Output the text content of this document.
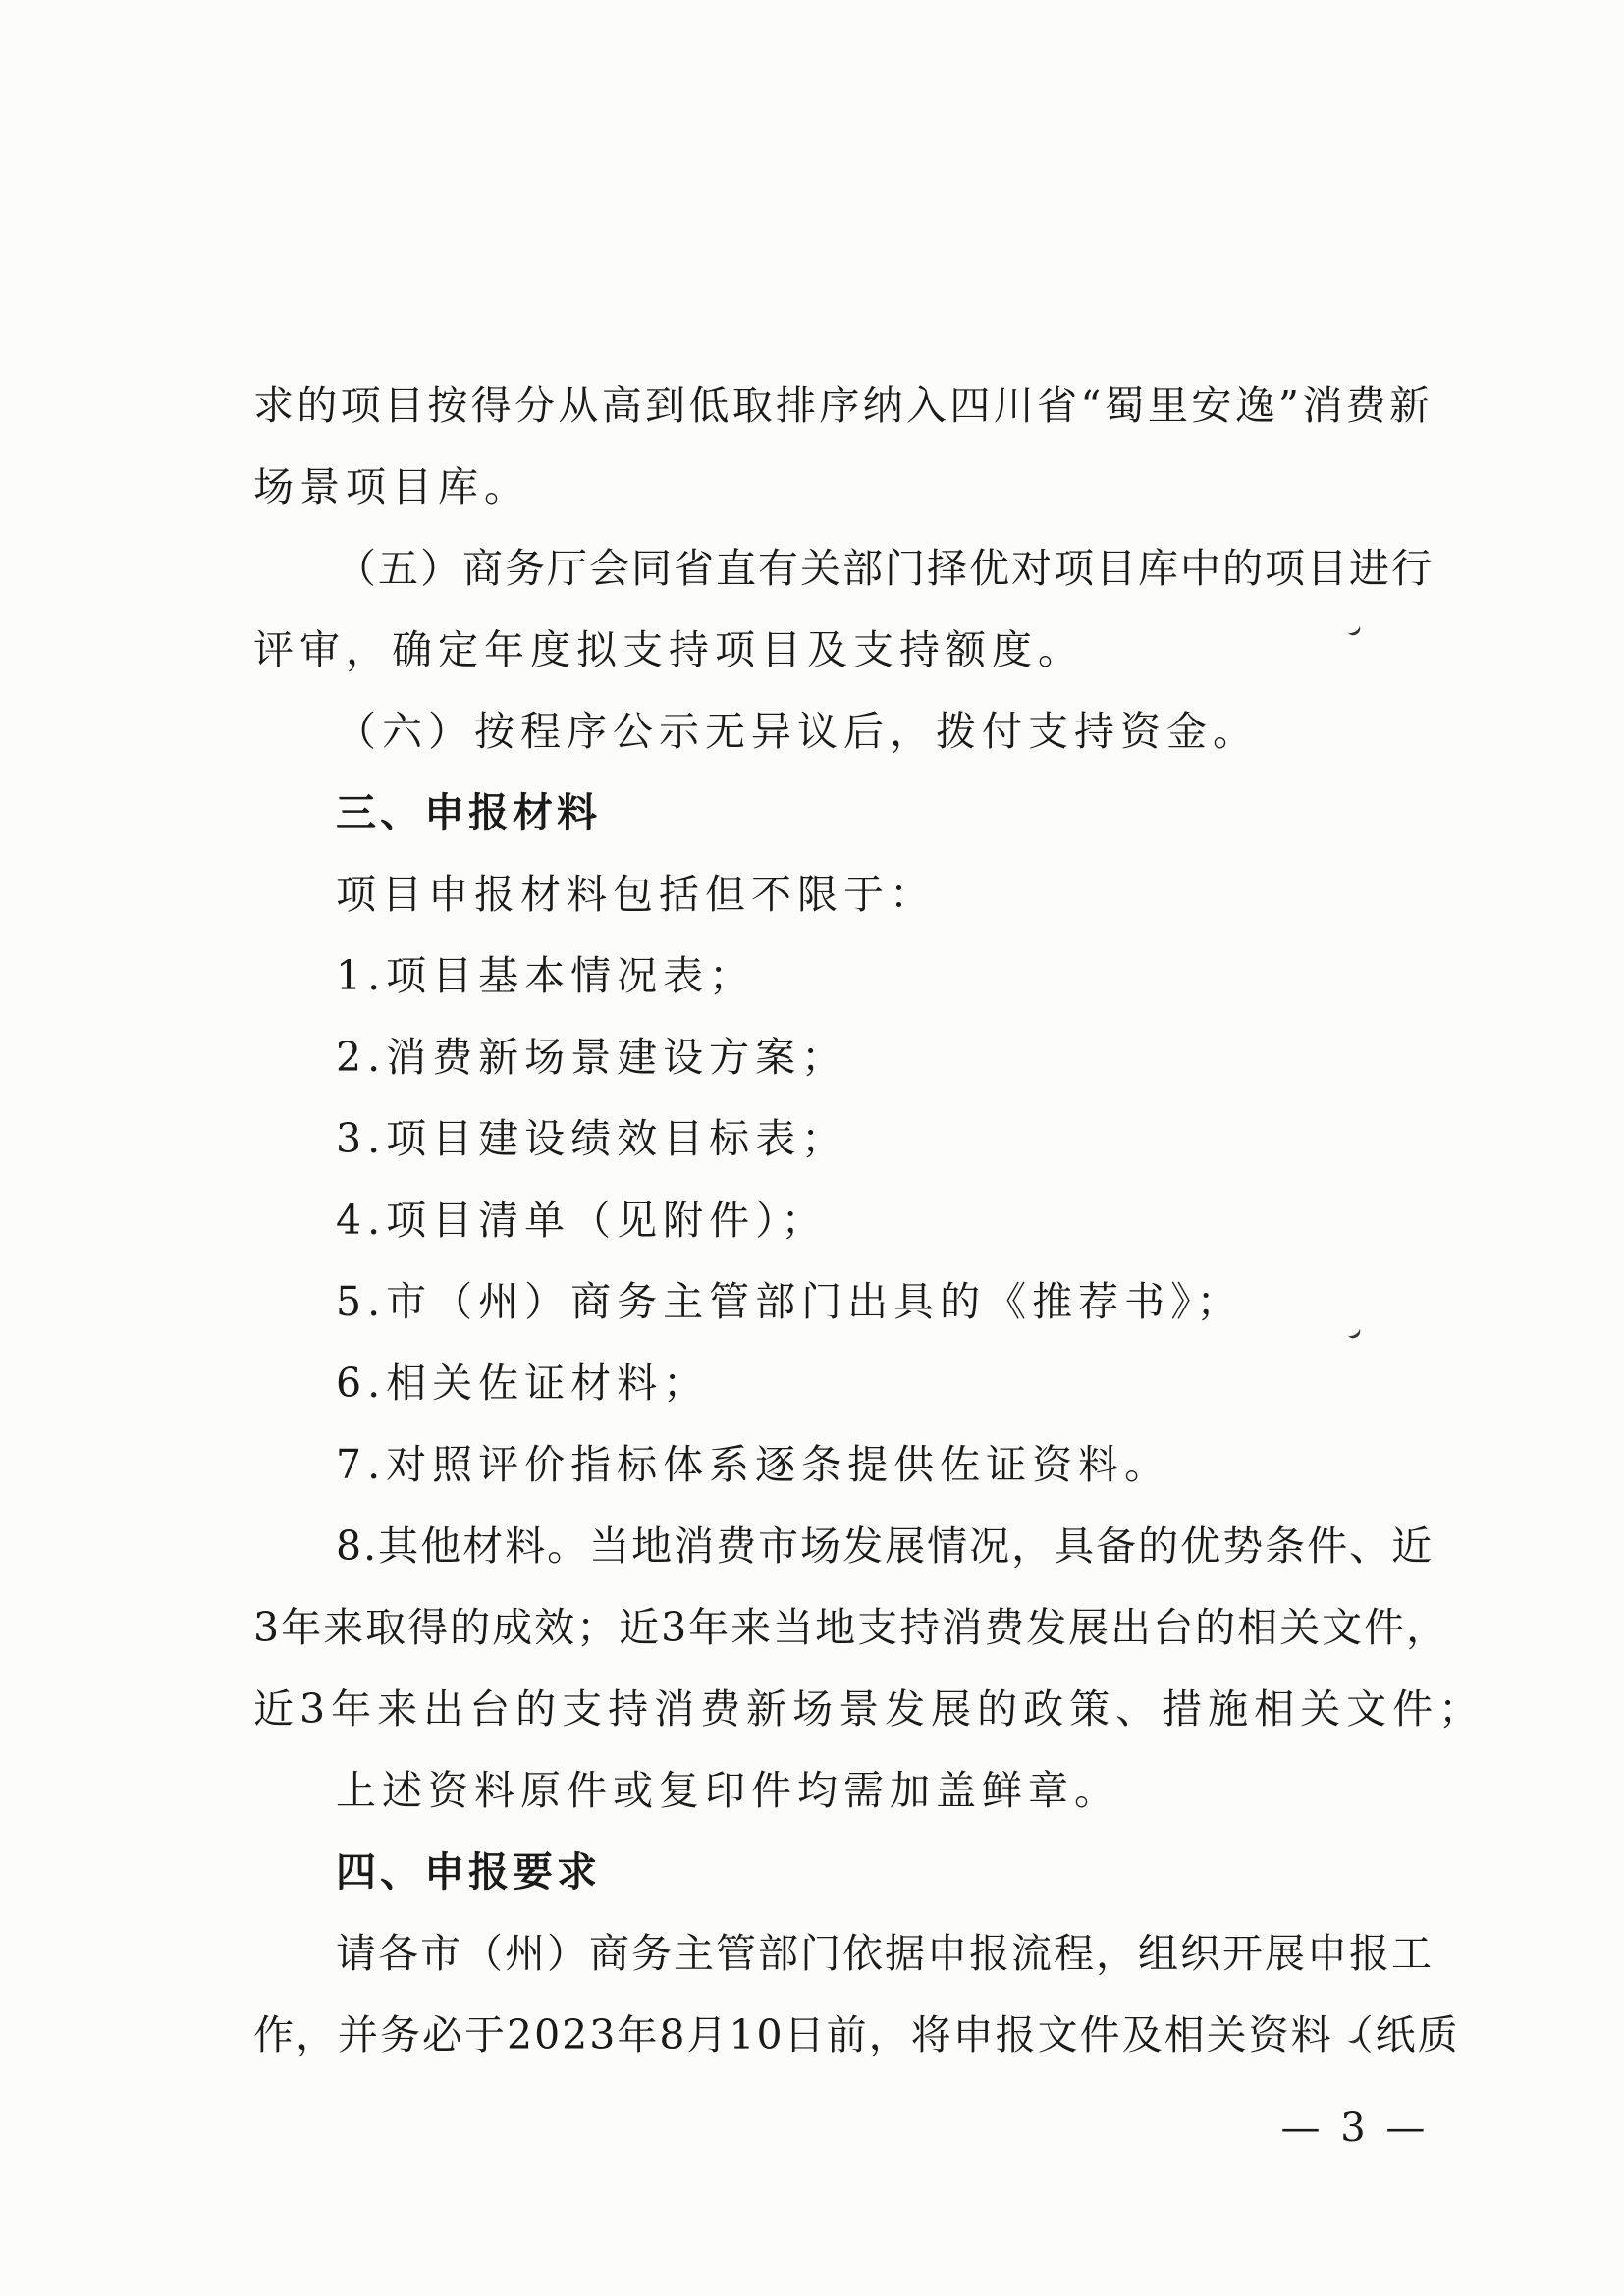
求的项目按得分从高到低取排序纳入四川省“蜀里安逸”消费新
场景项目库。
（五）商务厅会同省直有关部门择优对项目库中的项目进行
评审，确定年度拟支持项目及支持额度。
（六）按程序公示无异议后，拨付支持资金。
三、申报材料
项目申报材料包括但不限于：
1.项目基本情况表；
2.消费新场景建设方案；
3.项目建设绩效目标表；
4.项目清单（见附件）；
5.市（州）商务主管部门出具的《推荐书》；
6.相关佐证材料；
7.对照评价指标体系逐条提供佐证资料。
8.其他材料。当地消费市场发展情况，具备的优势条件、近
3年来取得的成效；近3年来当地支持消费发展出台的相关文件，
近3年来出台的支持消费新场景发展的政策、措施相关文件；
上述资料原件或复印件均需加盖鲜章。
四、申报要求
请各市（州）商务主管部门依据申报流程，组织开展申报工
作，并务必于2023年8月10日前，将申报文件及相关资料（纸质
— 3 —
